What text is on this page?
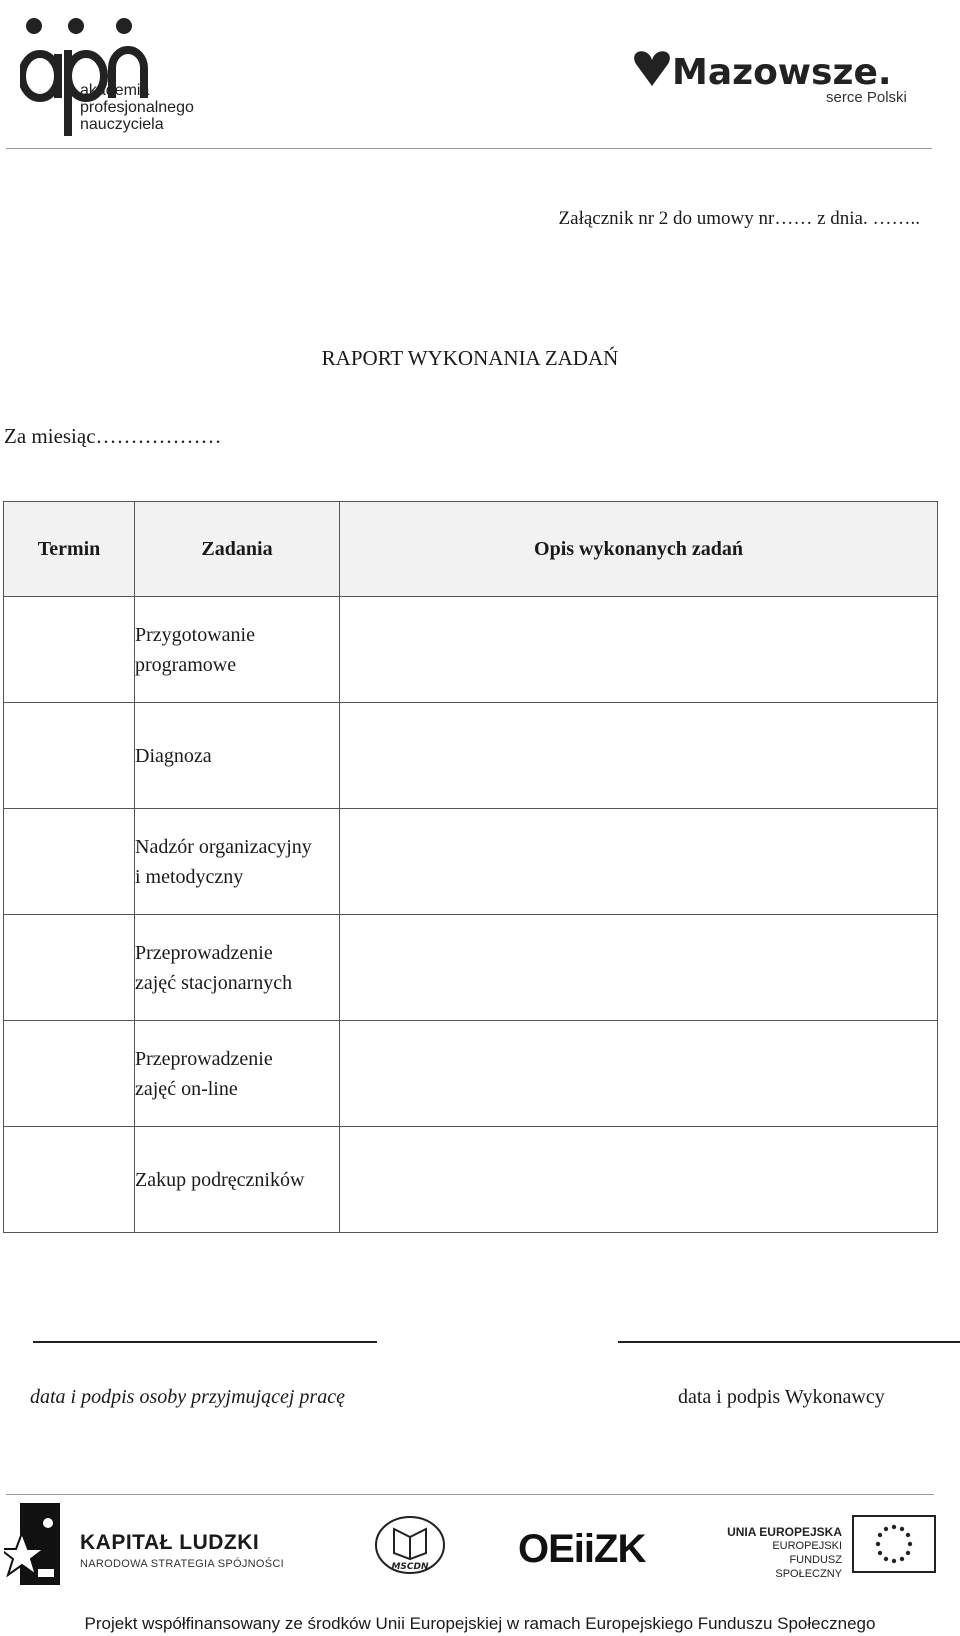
akademia
profesjonalnego
nauczyciela
Mazowsze.
serce Polski
Załącznik nr 2 do umowy nr…… z dnia. ……..
RAPORT WYKONANIA ZADAŃ
Za miesiąc………………
Termin	Zadania	Opis wykonanych zadań

	Przygotowanie
programowe	

	Diagnoza	

	Nadzór organizacyjny
i metodyczny	

	Przeprowadzenie
zajęć stacjonarnych	

	Przeprowadzenie
zajęć on-line	

	Zakup podręczników	

data i podpis osoby przyjmującej pracę	data i podpis Wykonawcy
KAPITAŁ LUDZKI
NARODOWA STRATEGIA SPÓJNOŚCI	MSCDN OEiiZK	UNIA EUROPEJSKA
EUROPEJSKI
FUNDUSZ SPOŁECZNY
Projekt współfinansowany ze środków Unii Europejskiej w ramach Europejskiego Funduszu Społecznego
